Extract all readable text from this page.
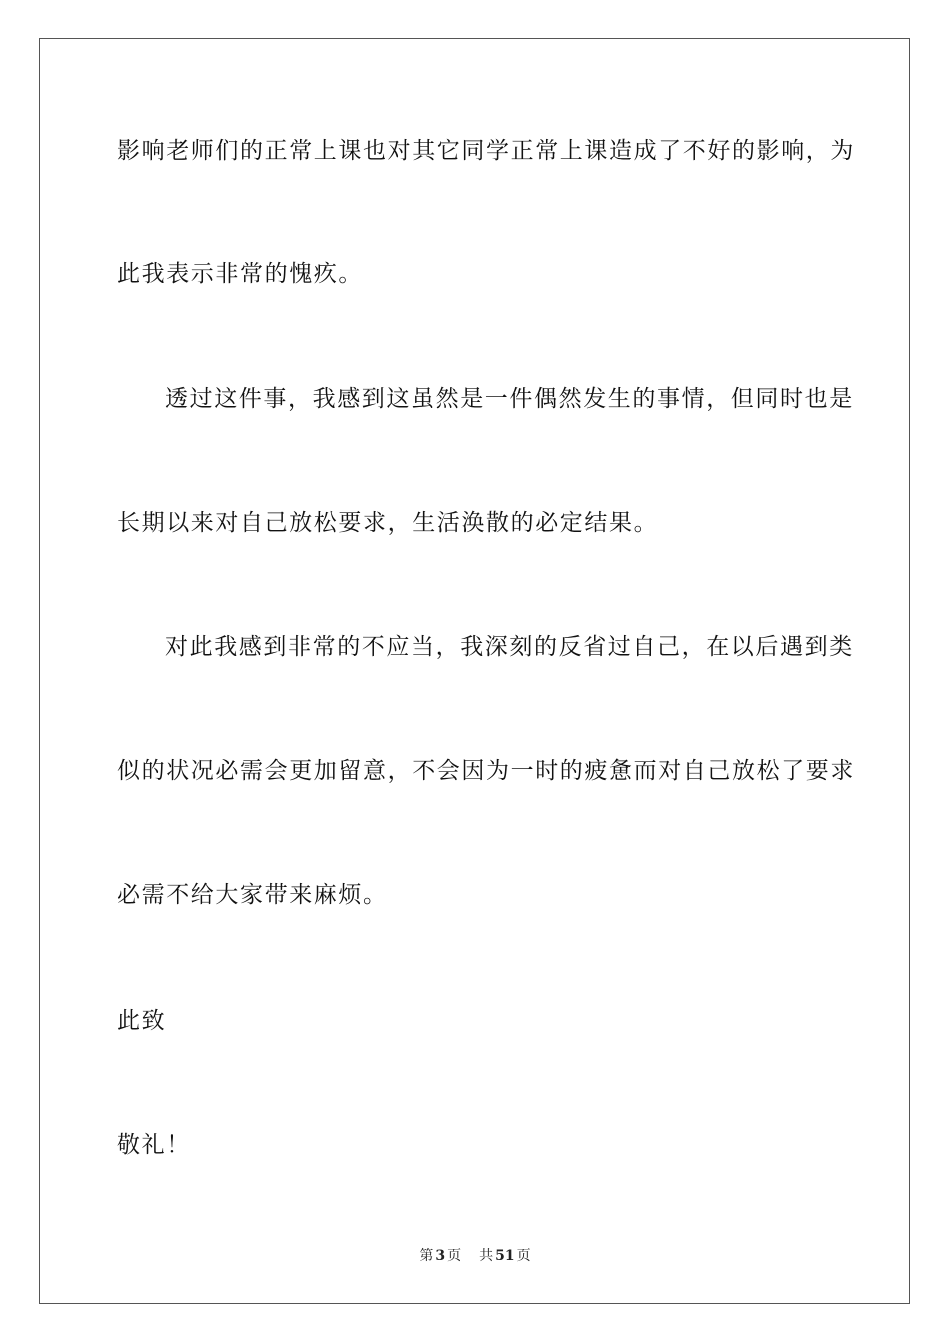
影响老师们的正常上课也对其它同学正常上课造成了不好的影响，为
此我表示非常的愧疚。
透过这件事，我感到这虽然是一件偶然发生的事情，但同时也是
长期以来对自己放松要求，生活涣散的必定结果。
对此我感到非常的不应当，我深刻的反省过自己，在以后遇到类
似的状况必需会更加留意，不会因为一时的疲惫而对自己放松了要求
必需不给大家带来麻烦。
此致
敬礼！
第 3 页 共 51 页
